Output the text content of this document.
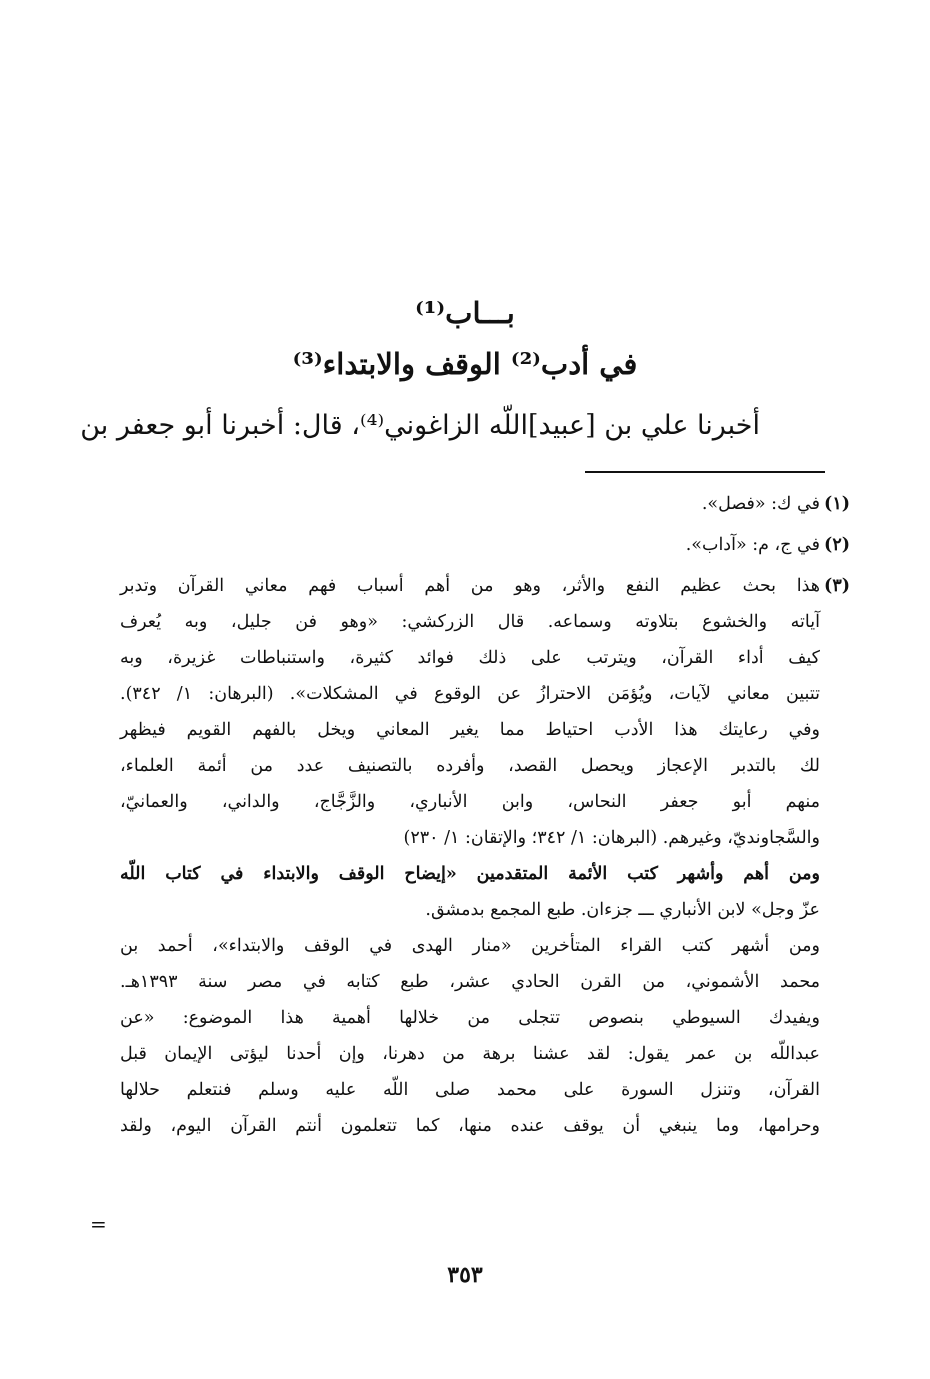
بـــاب⁽¹⁾
في أدب⁽²⁾ الوقف والابتداء⁽³⁾
أخبرنا علي بن [عبيد]اللّه الزاغوني⁽⁴⁾، قال: أخبرنا أبو جعفر بن
(١)
في ك: «فصل».
(٢)
في ج، م: «آداب».
(٣)
هذا بحث عظيم النفع والأثر، وهو من أهم أسباب فهم معاني القرآن وتدبر
آياته والخشوع بتلاوته وسماعه. قال الزركشي: «وهو فن جليل، وبه يُعرف
كيف أداء القرآن، ويترتب على ذلك فوائد كثيرة، واستنباطات غزيرة، وبه
تتبين معاني لآيات، ويُؤمَن الاحترازُ عن الوقوع في المشكلات». (البرهان: ١/ ٣٤٢).
وفي رعايتك هذا الأدب احتياط مما يغير المعاني ويخل بالفهم القويم فيظهر
لك بالتدبر الإعجاز ويحصل القصد، وأفرده بالتصنيف عدد من أئمة العلماء،
منهم أبو جعفر النحاس، وابن الأنباري، والزَّجَّاج، والداني، والعمانيّ،
والسَّجاونديّ، وغيرهم. (البرهان: ١/ ٣٤٢؛ والإتقان: ١/ ٢٣٠)
ومن أهم وأشهر كتب الأئمة المتقدمين «إيضاح الوقف والابتداء في كتاب اللّه
عزّ وجل» لابن الأنباري ـــ جزءان. طبع المجمع بدمشق.
ومن أشهر كتب القراء المتأخرين «منار الهدى في الوقف والابتداء»، أحمد بن
محمد الأشموني، من القرن الحادي عشر، طبع كتابه في مصر سنة ١٣٩٣هـ.
ويفيدك السيوطي بنصوص تتجلى من خلالها أهمية هذا الموضوع: «عن
عبداللّه بن عمر يقول: لقد عشنا برهة من دهرنا، وإن أحدنا ليؤتى الإيمان قبل
القرآن، وتنزل السورة على محمد صلى اللّه عليه وسلم فنتعلم حلالها
وحرامها، وما ينبغي أن يوقف عنده منها، كما تتعلمون أنتم القرآن اليوم، ولقد
=
٣٥٣
